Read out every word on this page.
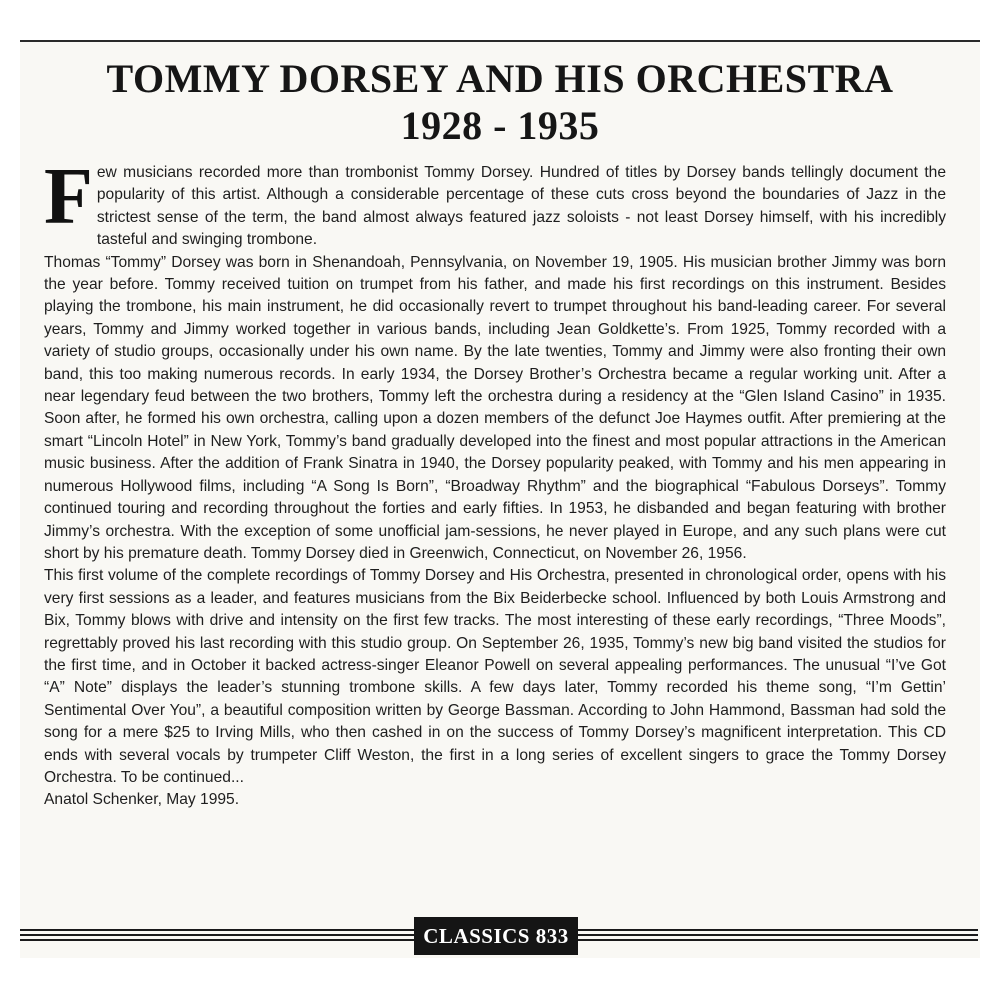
TOMMY DORSEY AND HIS ORCHESTRA
1928 - 1935

Few musicians recorded more than trombonist Tommy Dorsey. Hundred of titles by Dorsey bands tellingly document the popularity of this artist. Although a considerable percentage of these cuts cross beyond the boundaries of Jazz in the strictest sense of the term, the band almost always featured jazz soloists - not least Dorsey himself, with his incredibly tasteful and swinging trombone.

Thomas “Tommy” Dorsey was born in Shenandoah, Pennsylvania, on November 19, 1905. His musician brother Jimmy was born the year before. Tommy received tuition on trumpet from his father, and made his first recordings on this instrument. Besides playing the trombone, his main instrument, he did occasionally revert to trumpet throughout his band-leading career. For several years, Tommy and Jimmy worked together in various bands, including Jean Goldkette’s. From 1925, Tommy recorded with a variety of studio groups, occasionally under his own name. By the late twenties, Tommy and Jimmy were also fronting their own band, this too making numerous records. In early 1934, the Dorsey Brother’s Orchestra became a regular working unit. After a near legendary feud between the two brothers, Tommy left the orchestra during a residency at the “Glen Island Casino” in 1935. Soon after, he formed his own orchestra, calling upon a dozen members of the defunct Joe Haymes outfit. After premiering at the smart “Lincoln Hotel” in New York, Tommy’s band gradually developed into the finest and most popular attractions in the American music business. After the addition of Frank Sinatra in 1940, the Dorsey popularity peaked, with Tommy and his men appearing in numerous Hollywood films, including “A Song Is Born”, “Broadway Rhythm” and the biographical “Fabulous Dorseys”. Tommy continued touring and recording throughout the forties and early fifties. In 1953, he disbanded and began featuring with brother Jimmy’s orchestra. With the exception of some unofficial jam-sessions, he never played in Europe, and any such plans were cut short by his premature death. Tommy Dorsey died in Greenwich, Connecticut, on November 26, 1956.

This first volume of the complete recordings of Tommy Dorsey and His Orchestra, presented in chronological order, opens with his very first sessions as a leader, and features musicians from the Bix Beiderbecke school. Influenced by both Louis Armstrong and Bix, Tommy blows with drive and intensity on the first few tracks. The most interesting of these early recordings, “Three Moods”, regrettably proved his last recording with this studio group. On September 26, 1935, Tommy’s new big band visited the studios for the first time, and in October it backed actress-singer Eleanor Powell on several appealing performances. The unusual “I’ve Got “A” Note” displays the leader’s stunning trombone skills. A few days later, Tommy recorded his theme song, “I’m Gettin’ Sentimental Over You”, a beautiful composition written by George Bassman. According to John Hammond, Bassman had sold the song for a mere $25 to Irving Mills, who then cashed in on the success of Tommy Dorsey’s magnificent interpretation. This CD ends with several vocals by trumpeter Cliff Weston, the first in a long series of excellent singers to grace the Tommy Dorsey Orchestra. To be continued...

Anatol Schenker, May 1995.

CLASSICS 833
